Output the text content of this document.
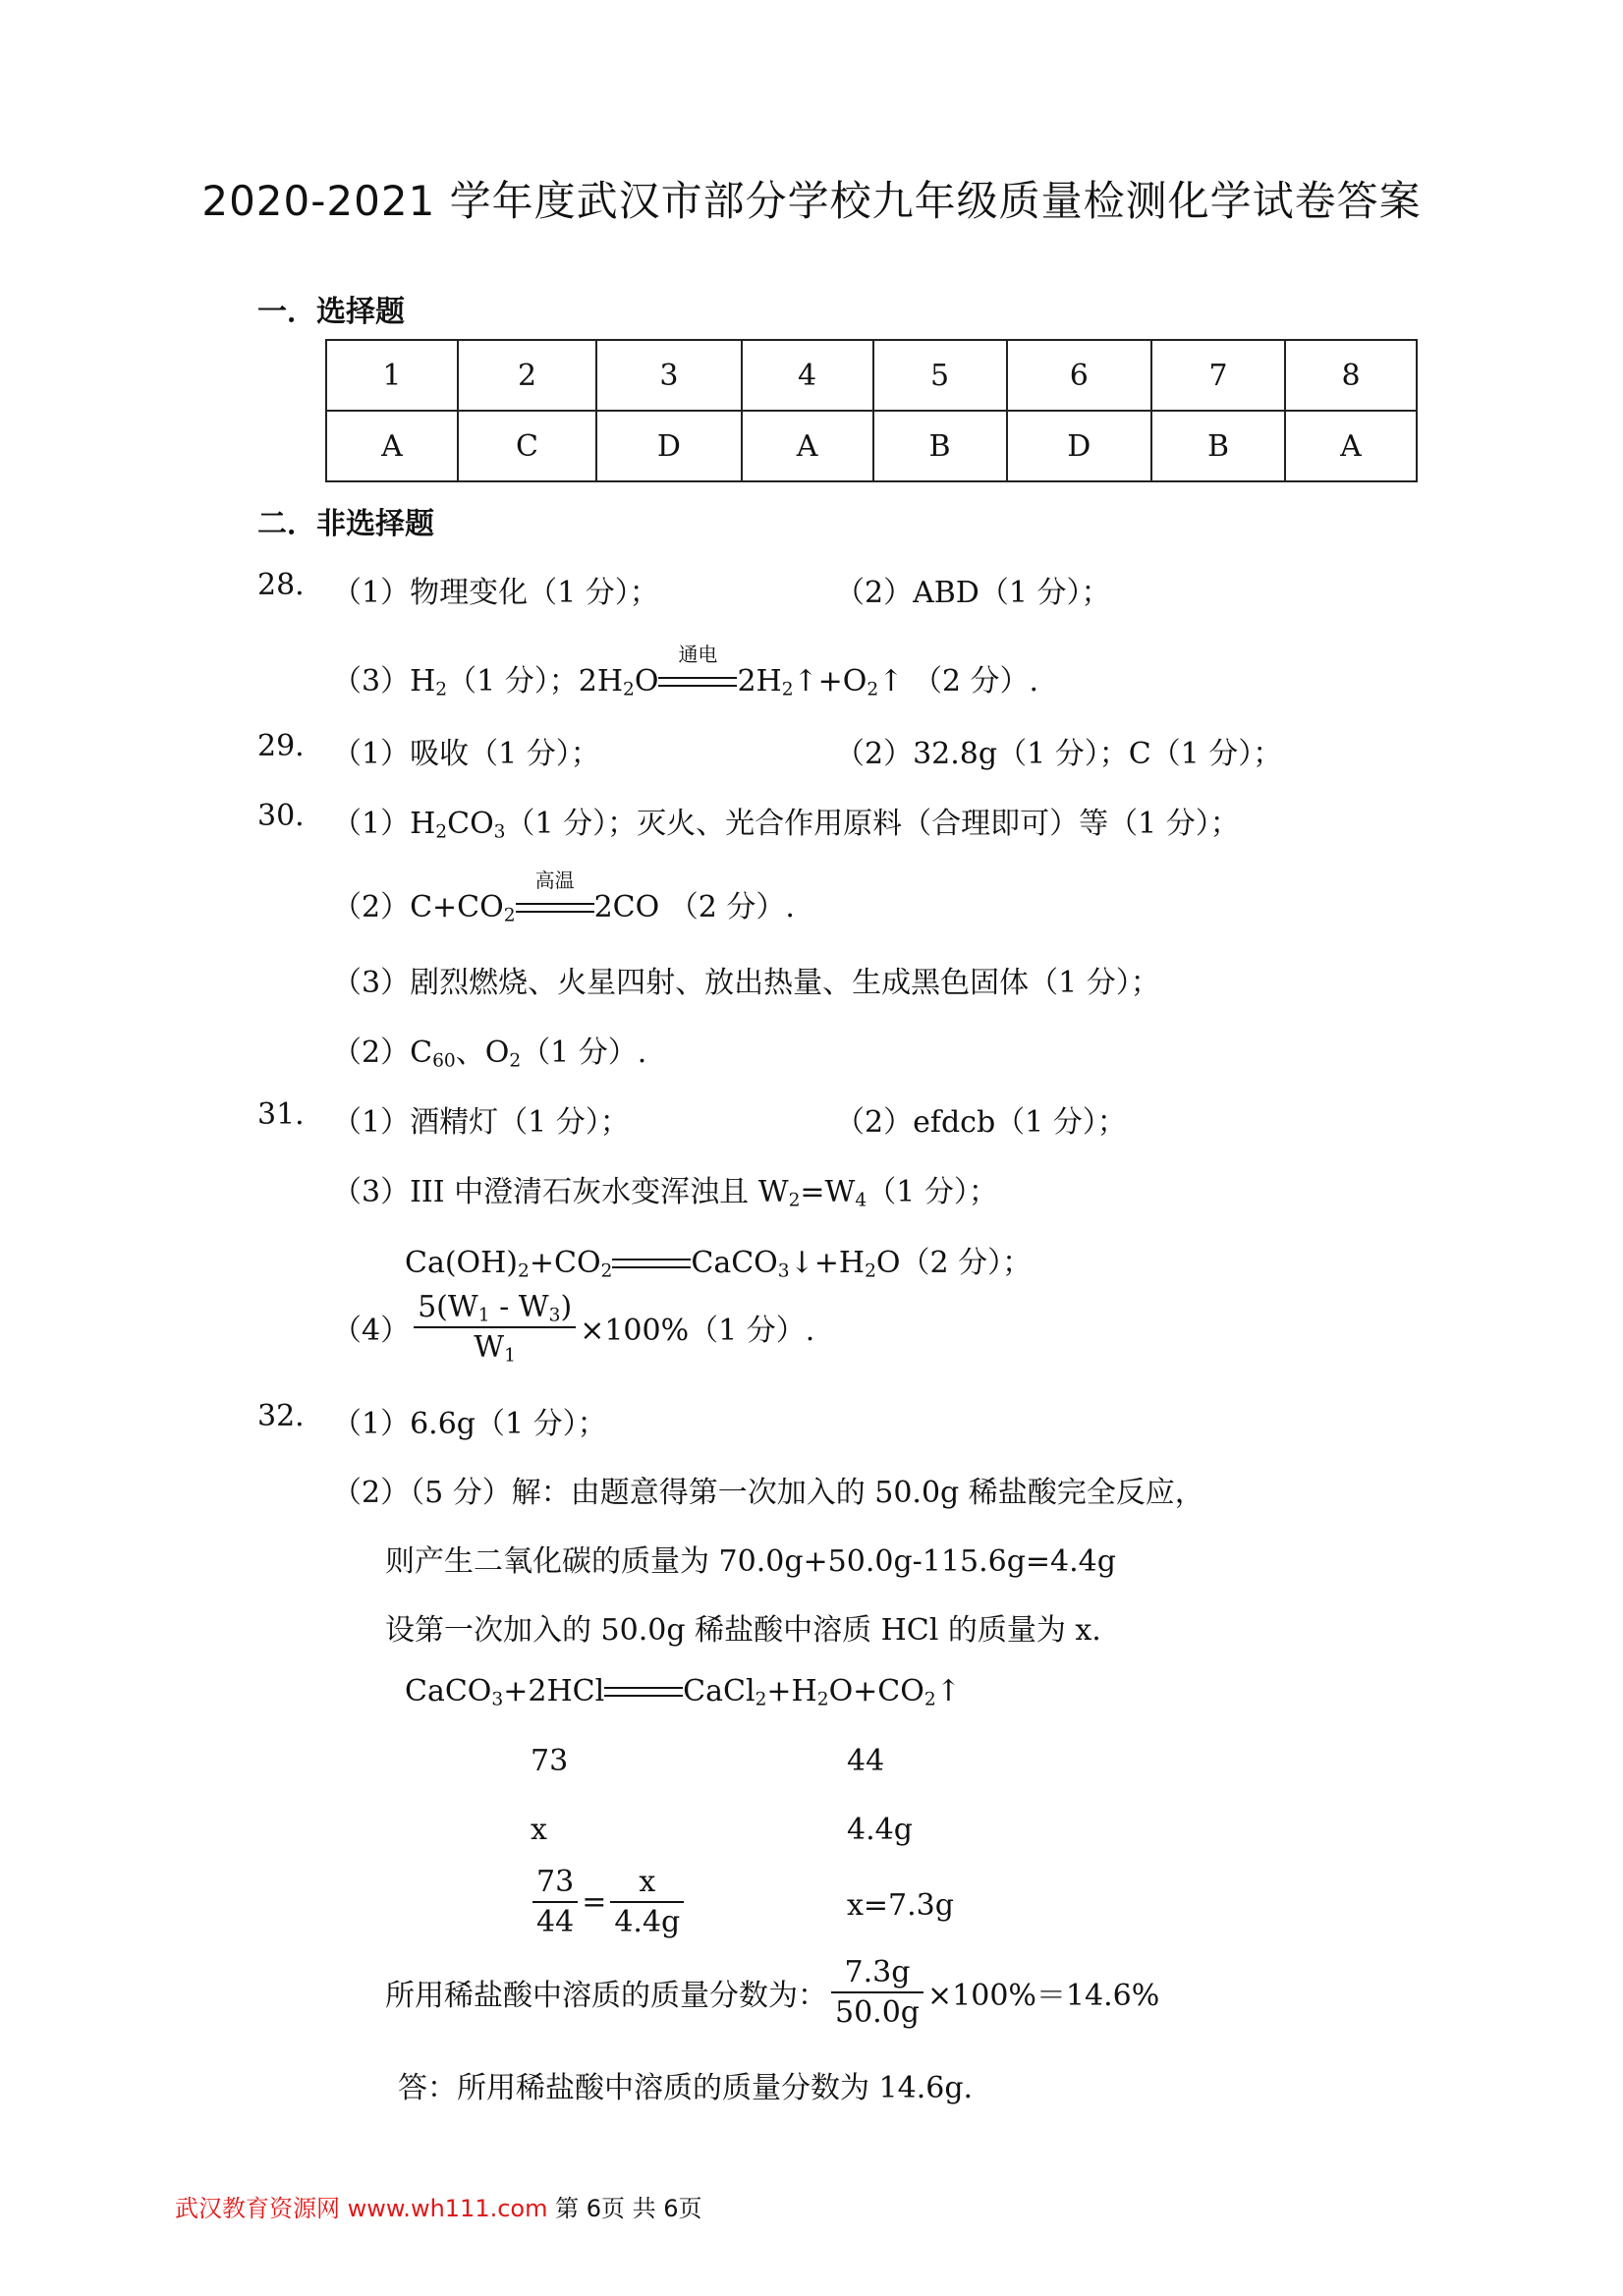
2020-2021 学年度武汉市部分学校九年级质量检测化学试卷答案
一．选择题
1	2	3	4	5	6	7	8
A	C	D	A	B	D	B	A
二．非选择题
28. （1）物理变化（1 分）；	（2）ABD（1 分）；
$(3)H_2(1$ 分）；$2H_2O$
通电
$2H_2↑+O_2↑$ （2 分）.
29. （1）吸收（1 分）；	（2）32.8g（1 分）；C（1 分）；
30. $(1)H_2CO_3(1$ 分）；灭火、光合作用原料（合理即可）等（1 分）；
$(2)C+CO_2$
高温
2CO （2 分）.
（3）剧烈燃烧、火星四射、放出热量、生成黑色固体（1 分）；
$(2)C_{60}$、$O_2(1$ 分）.
31. （1）酒精灯（1 分）；	（2）efdcb（1 分）；
（3）III 中澄清石灰水变浑浊且 $W_2=W_4(1$ 分）；
$Ca(OH)_2+CO_2$	$CaCO_3↓+H_2O(2$ 分）；
$(4) \frac{5(W_1 - W_3)}{W_1} \times 100\%(1$ 分）.
32. （1）6.6g（1 分）；
（2）（5 分）解：由题意得第一次加入的 50.0g 稀盐酸完全反应，
则产生二氧化碳的质量为 70.0g+50.0g-115.6g=4.4g
设第一次加入的 50.0g 稀盐酸中溶质 HCl 的质量为 x.
CaCO$_3$+2HCl	$CaCl_2+H_2O+CO_2↑$
73	44
x	4.4g
$\frac{73}{44} = \frac{x}{4.4g}$	x=7.3g
所用稀盐酸中溶质的质量分数为： $\frac{7.3g}{50.0g} \times 100\%=14.6\%$
答：所用稀盐酸中溶质的质量分数为 14.6g.
武汉教育资源网 www.wh111.com 第 6页 共 6页
